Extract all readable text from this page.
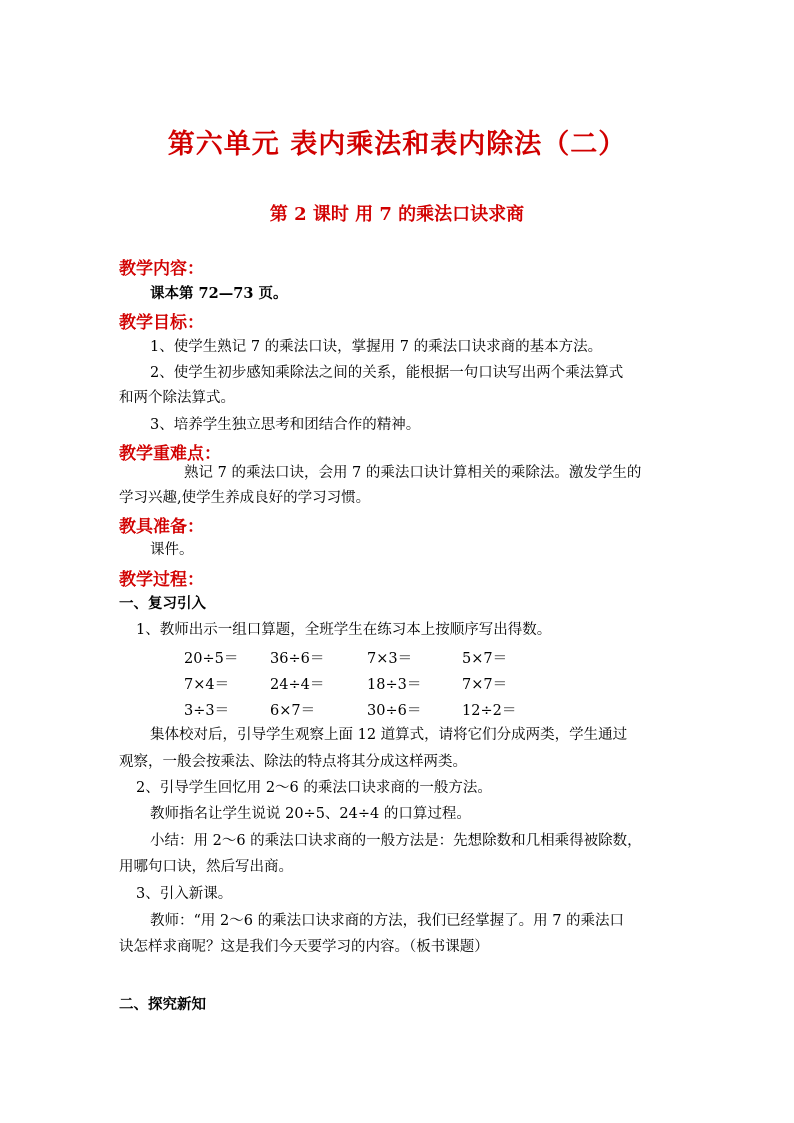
第六单元 表内乘法和表内除法（二）
第 2 课时 用 7 的乘法口诀求商
教学内容：
课本第 72—73 页。
教学目标：
1、使学生熟记 7 的乘法口诀，掌握用 7 的乘法口诀求商的基本方法。
2、使学生初步感知乘除法之间的关系，能根据一句口诀写出两个乘法算式
和两个除法算式。
3、培养学生独立思考和团结合作的精神。
教学重难点：
熟记 7 的乘法口诀，会用 7 的乘法口诀计算相关的乘除法。激发学生的
学习兴趣,使学生养成良好的学习习惯。
教具准备：
课件。
教学过程：
一、复习引入
1、教师出示一组口算题，全班学生在练习本上按顺序写出得数。
20÷5＝ 36÷6＝	7×3＝	5×7＝
7×4＝	24÷4＝	18÷3＝	7×7＝
3÷3＝	6×7＝	30÷6＝	12÷2＝
集体校对后，引导学生观察上面 12 道算式，请将它们分成两类，学生通过
观察，一般会按乘法、除法的特点将其分成这样两类。
2、引导学生回忆用 2～6 的乘法口诀求商的一般方法。
教师指名让学生说说 20÷5、24÷4 的口算过程。
小结：用 2～6 的乘法口诀求商的一般方法是：先想除数和几相乘得被除数，
用哪句口诀，然后写出商。
3、引入新课。
教师：“用 2～6 的乘法口诀求商的方法，我们已经掌握了。用 7 的乘法口
诀怎样求商呢？这是我们今天要学习的内容。（板书课题）
二、探究新知
